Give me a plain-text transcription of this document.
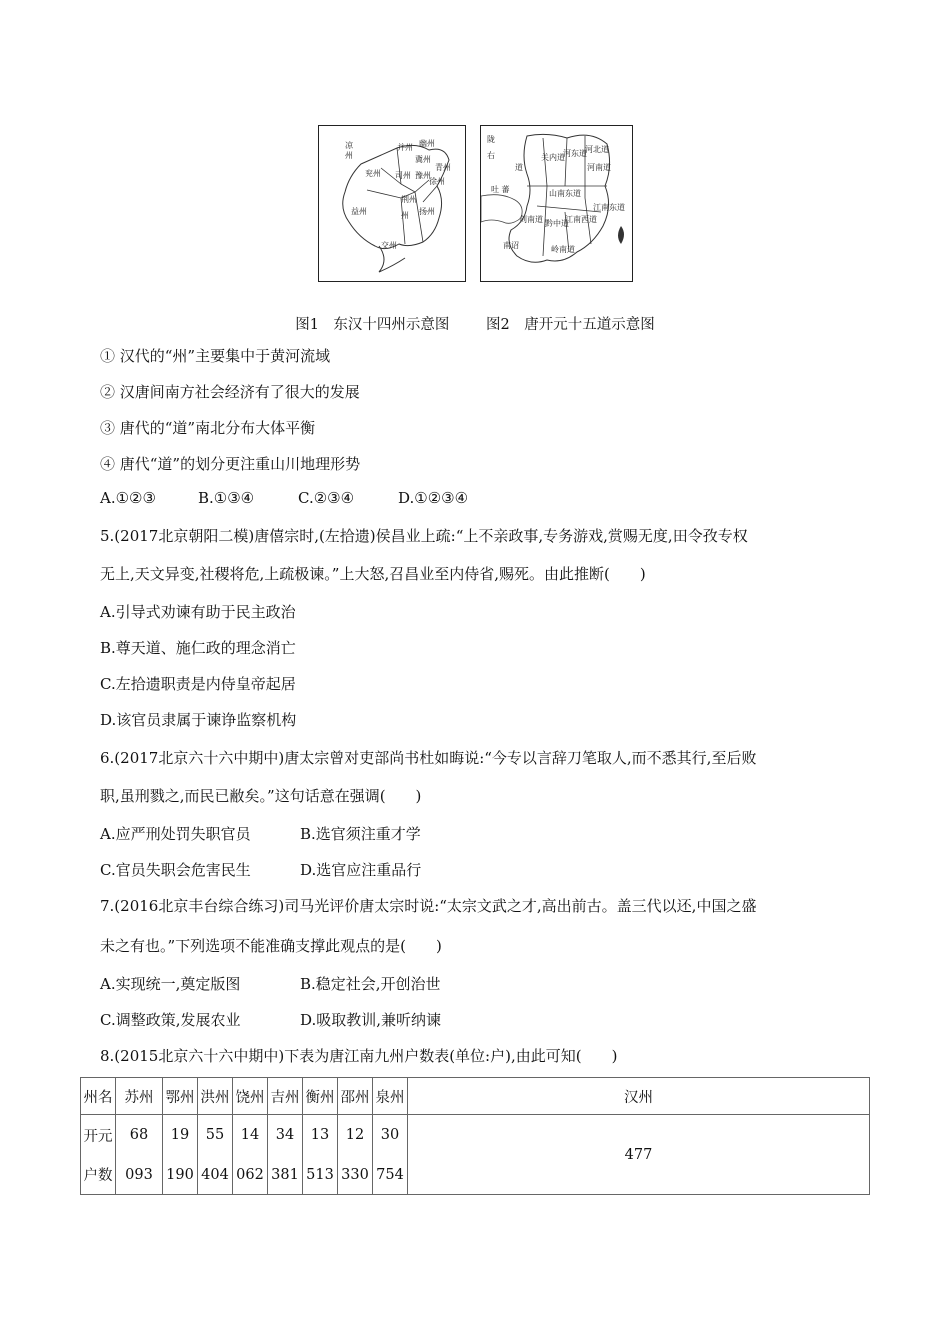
凉
州
并州 幽州
冀州
兖州
青州
司州 豫州
徐州
益州
荆州
州 扬州
交州
陇
右
道
关内道
河东道
河北道
河南道
吐 蕃	山南东道
剑南道 黔中道
江南西道
江南东道
南诏	岭南道
图1　东汉十四州示意图	图2　唐开元十五道示意图
① 汉代的“州”主要集中于黄河流域
② 汉唐间南方社会经济有了很大的发展
③ 唐代的“道”南北分布大体平衡
④ 唐代“道”的划分更注重山川地理形势
A.①②③	B.①③④	C.②③④	D.①②③④
5.(2017北京朝阳二模)唐僖宗时,(左拾遗)侯昌业上疏:“上不亲政事,专务游戏,赏赐无度,田令孜专权
无上,天文异变,社稷将危,上疏极谏。”上大怒,召昌业至内侍省,赐死。由此推断(　　)
A.引导式劝谏有助于民主政治
B.尊天道、施仁政的理念消亡
C.左拾遗职责是内侍皇帝起居
D.该官员隶属于谏诤监察机构
6.(2017北京六十六中期中)唐太宗曾对吏部尚书杜如晦说:“今专以言辞刀笔取人,而不悉其行,至后败
职,虽刑戮之,而民已敝矣。”这句话意在强调(　　)
A.应严刑处罚失职官员	B.选官须注重才学
C.官员失职会危害民生	D.选官应注重品行
7.(2016北京丰台综合练习)司马光评价唐太宗时说:“太宗文武之才,高出前古。盖三代以还,中国之盛
未之有也。”下列选项不能准确支撑此观点的是(　　)
A.实现统一,奠定版图	B.稳定社会,开创治世
C.调整政策,发展农业	D.吸取教训,兼听纳谏
8.(2015北京六十六中期中)下表为唐江南九州户数表(单位:户),由此可知(　　)
州名	苏州	鄂州	洪州	饶州	吉州	衡州	邵州	泉州	汉州
开元	68	19	55	14	34	13	12	30	477
户数	093	190	404	062	381	513	330	754	
